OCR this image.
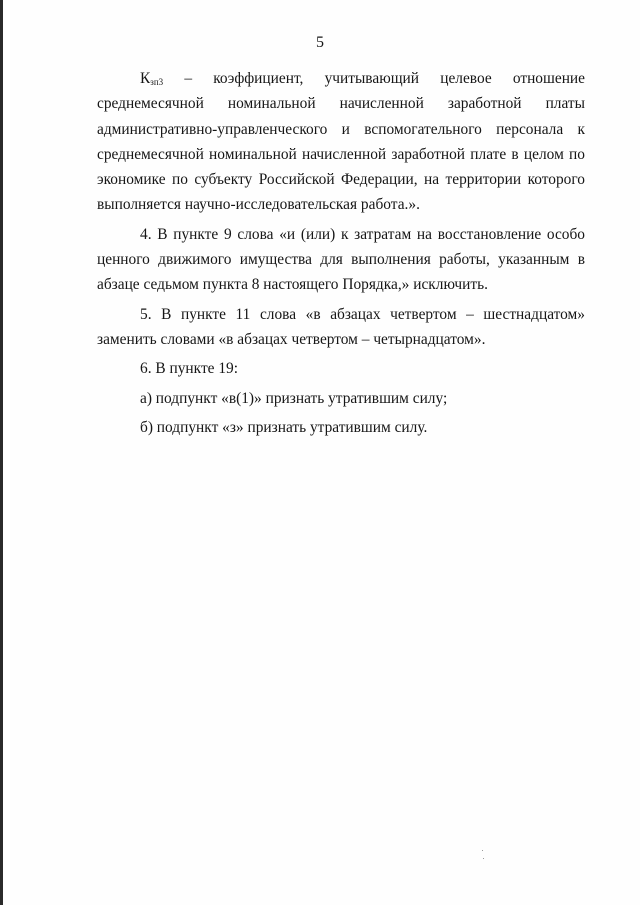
5

$К_{зп3}$ – коэффициент, учитывающий целевое отношение среднемесячной номинальной начисленной заработной платы административно-управленческого и вспомогательного персонала к среднемесячной номинальной начисленной заработной плате в целом по экономике по субъекту Российской Федерации, на территории которого выполняется научно-исследовательская работа.».

4. В пункте 9 слова «и (или) к затратам на восстановление особо ценного движимого имущества для выполнения работы, указанным в абзаце седьмом пункта 8 настоящего Порядка,» исключить.

5. В пункте 11 слова «в абзацах четвертом – шестнадцатом» заменить словами «в абзацах четвертом – четырнадцатом».

6. В пункте 19:

а) подпункт «в(1)» признать утратившим силу;

б) подпункт «з» признать утратившим силу.
